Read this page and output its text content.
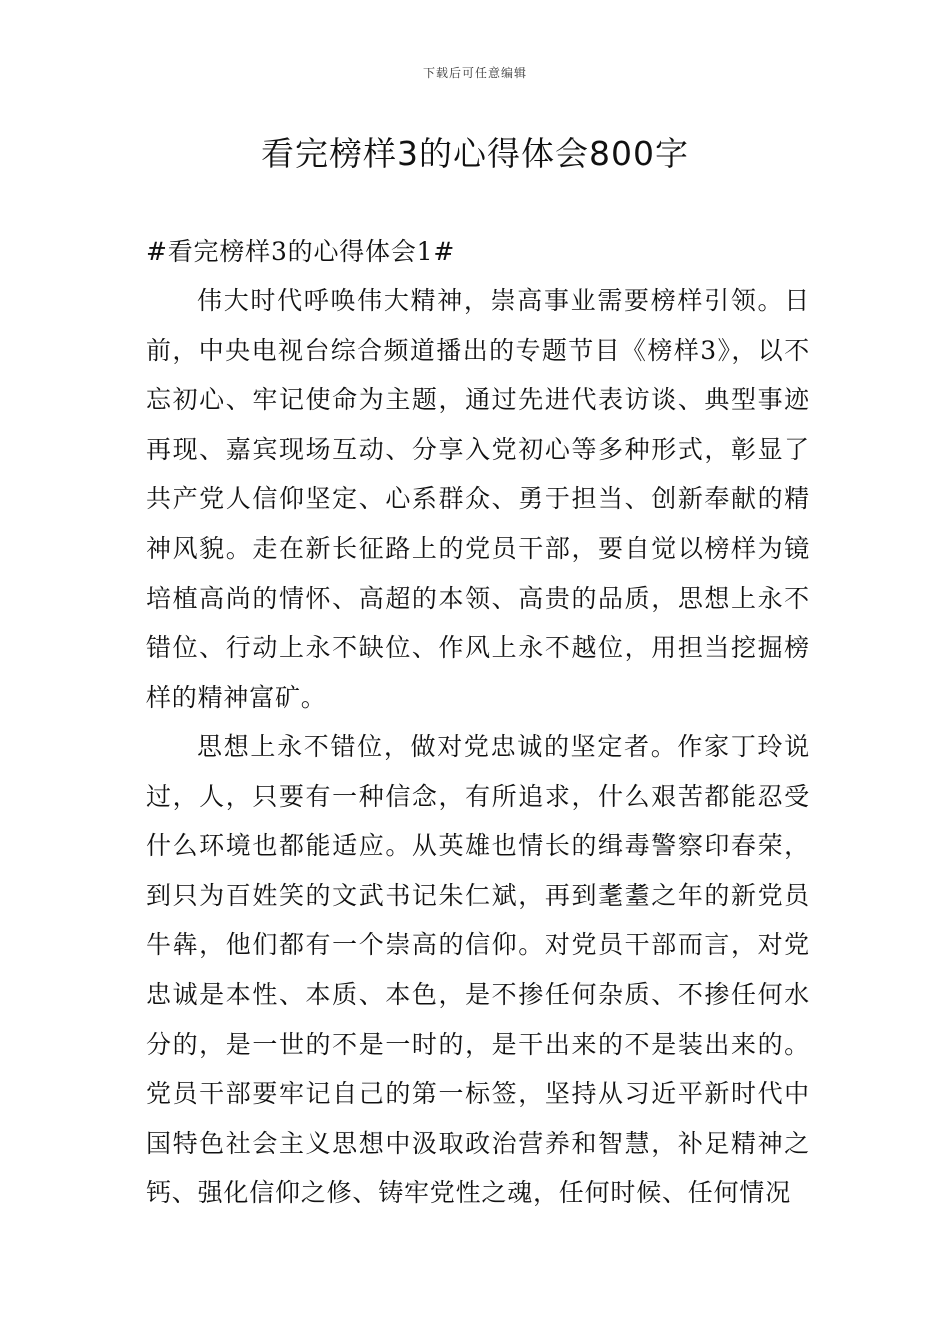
下载后可任意编辑
看完榜样3的心得体会800字

#看完榜样3的心得体会1#

伟大时代呼唤伟大精神，崇高事业需要榜样引领。日前，中央电视台综合频道播出的专题节目《榜样3》，以不忘初心、牢记使命为主题，通过先进代表访谈、典型事迹再现、嘉宾现场互动、分享入党初心等多种形式，彰显了共产党人信仰坚定、心系群众、勇于担当、创新奉献的精神风貌。走在新长征路上的党员干部，要自觉以榜样为镜培植高尚的情怀、高超的本领、高贵的品质，思想上永不错位、行动上永不缺位、作风上永不越位，用担当挖掘榜样的精神富矿。

思想上永不错位，做对党忠诚的坚定者。作家丁玲说过，人，只要有一种信念，有所追求，什么艰苦都能忍受什么环境也都能适应。从英雄也情长的缉毒警察印春荣，到只为百姓笑的文武书记朱仁斌，再到耄耋之年的新党员牛犇，他们都有一个崇高的信仰。对党员干部而言，对党忠诚是本性、本质、本色，是不掺任何杂质、不掺任何水分的，是一世的不是一时的，是干出来的不是装出来的。党员干部要牢记自己的第一标签，坚持从习近平新时代中国特色社会主义思想中汲取政治营养和智慧，补足精神之钙、强化信仰之修、铸牢党性之魂，任何时候、任何情况
